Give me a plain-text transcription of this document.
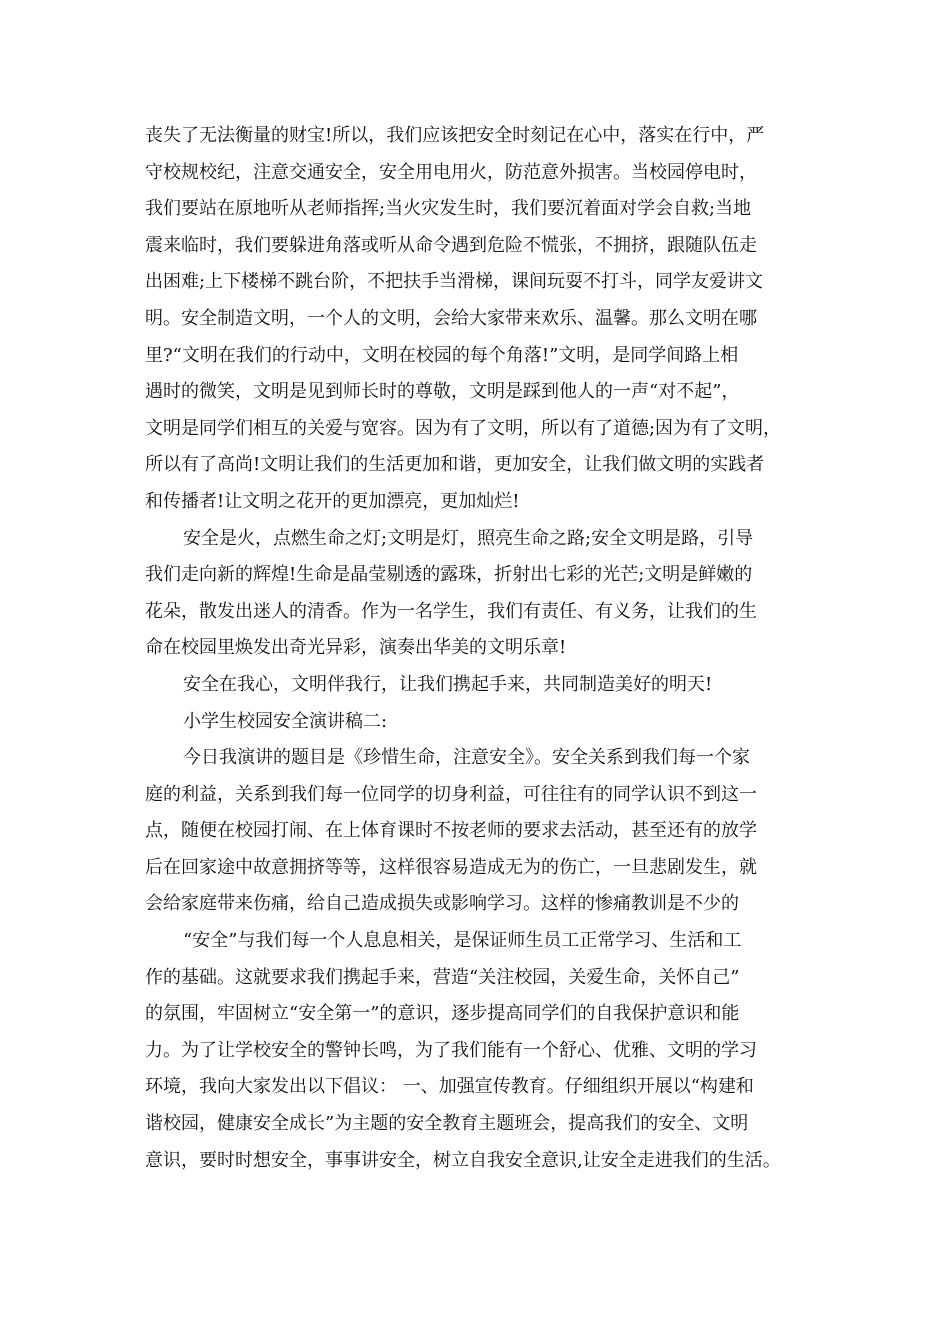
丧失了无法衡量的财宝!所以，我们应该把安全时刻记在心中，落实在行中，严
守校规校纪，注意交通安全，安全用电用火，防范意外损害。当校园停电时，
我们要站在原地听从老师指挥;当火灾发生时，我们要沉着面对学会自救;当地
震来临时，我们要躲进角落或听从命令遇到危险不慌张，不拥挤，跟随队伍走
出困难;上下楼梯不跳台阶，不把扶手当滑梯，课间玩耍不打斗，同学友爱讲文
明。安全制造文明，一个人的文明，会给大家带来欢乐、温馨。那么文明在哪
里?“文明在我们的行动中，文明在校园的每个角落!”文明，是同学间路上相
遇时的微笑，文明是见到师长时的尊敬，文明是踩到他人的一声“对不起”，
文明是同学们相互的关爱与宽容。因为有了文明，所以有了道德;因为有了文明，
所以有了高尚!文明让我们的生活更加和谐，更加安全，让我们做文明的实践者
和传播者!让文明之花开的更加漂亮，更加灿烂!
安全是火，点燃生命之灯;文明是灯，照亮生命之路;安全文明是路，引导
我们走向新的辉煌!生命是晶莹剔透的露珠，折射出七彩的光芒;文明是鲜嫩的
花朵，散发出迷人的清香。作为一名学生，我们有责任、有义务，让我们的生
命在校园里焕发出奇光异彩，演奏出华美的文明乐章!
安全在我心，文明伴我行，让我们携起手来，共同制造美好的明天!
小学生校园安全演讲稿二:
今日我演讲的题目是《珍惜生命，注意安全》。安全关系到我们每一个家
庭的利益，关系到我们每一位同学的切身利益，可往往有的同学认识不到这一
点，随便在校园打闹、在上体育课时不按老师的要求去活动，甚至还有的放学
后在回家途中故意拥挤等等，这样很容易造成无为的伤亡，一旦悲剧发生，就
会给家庭带来伤痛，给自己造成损失或影响学习。这样的惨痛教训是不少的
“安全”与我们每一个人息息相关，是保证师生员工正常学习、生活和工
作的基础。这就要求我们携起手来，营造“关注校园，关爱生命，关怀自己”
的氛围，牢固树立“安全第一”的意识，逐步提高同学们的自我保护意识和能
力。为了让学校安全的警钟长鸣，为了我们能有一个舒心、优雅、文明的学习
环境，我向大家发出以下倡议： 一、加强宣传教育。仔细组织开展以“构建和
谐校园，健康安全成长”为主题的安全教育主题班会，提高我们的安全、文明
意识，要时时想安全，事事讲安全，树立自我安全意识,让安全走进我们的生活。
